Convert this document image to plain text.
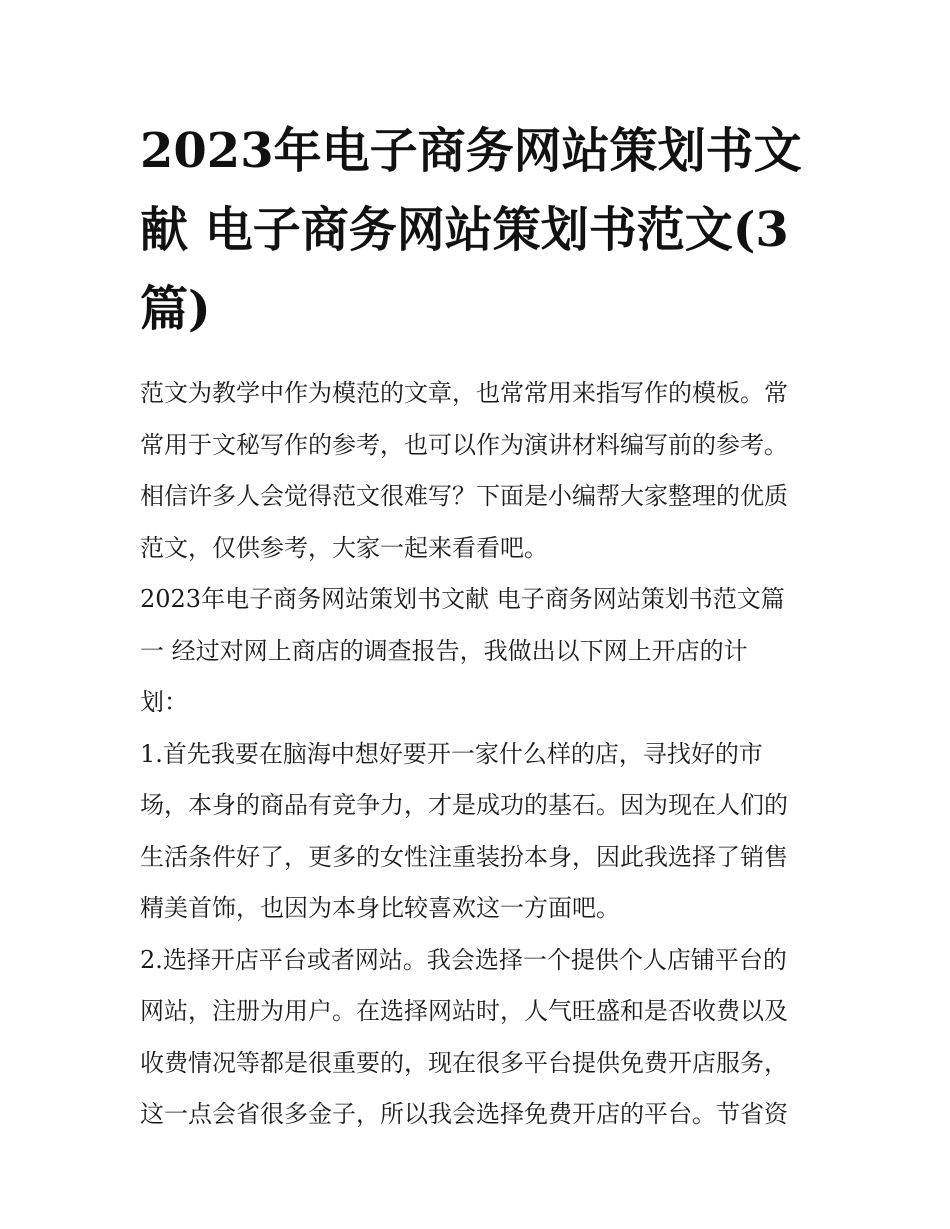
2023年电子商务网站策划书文
献 电子商务网站策划书范文(3
篇)

范文为教学中作为模范的文章，也常常用来指写作的模板。常
常用于文秘写作的参考，也可以作为演讲材料编写前的参考。
相信许多人会觉得范文很难写？下面是小编帮大家整理的优质
范文，仅供参考，大家一起来看看吧。

2023年电子商务网站策划书文献 电子商务网站策划书范文篇
一 经过对网上商店的调查报告，我做出以下网上开店的计
划：

1.首先我要在脑海中想好要开一家什么样的店，寻找好的市
场，本身的商品有竞争力，才是成功的基石。因为现在人们的
生活条件好了，更多的女性注重装扮本身，因此我选择了销售
精美首饰，也因为本身比较喜欢这一方面吧。

2.选择开店平台或者网站。我会选择一个提供个人店铺平台的
网站，注册为用户。在选择网站时，人气旺盛和是否收费以及
收费情况等都是很重要的，现在很多平台提供免费开店服务，
这一点会省很多金子，所以我会选择免费开店的平台。节省资
